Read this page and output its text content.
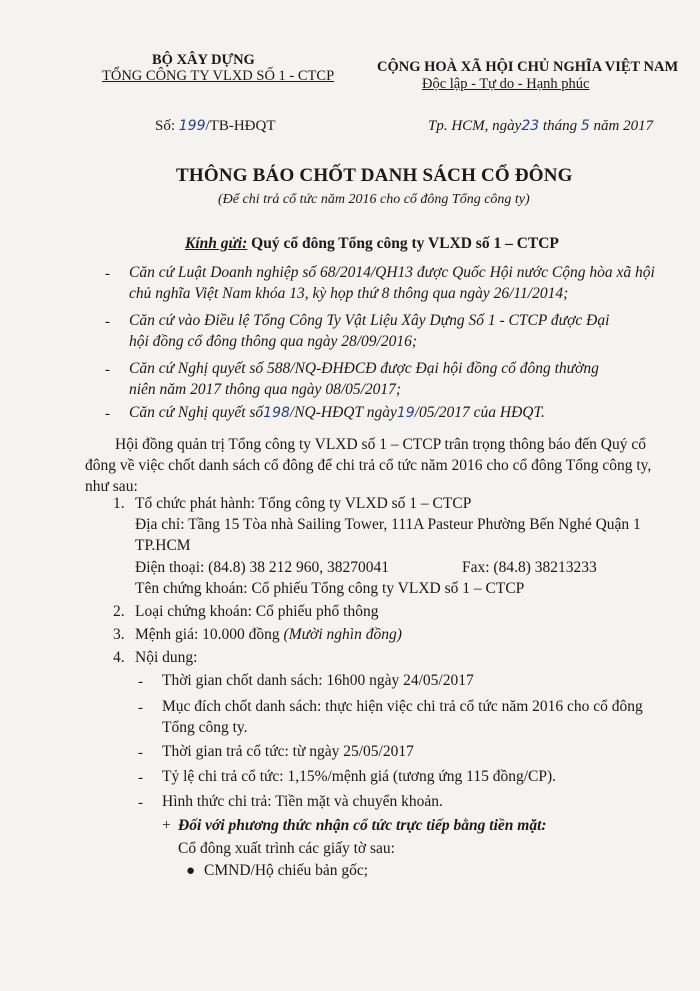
BỘ XÂY DỰNG
TỔNG CÔNG TY VLXD SỐ 1 - CTCP
CỘNG HOÀ XÃ HỘI CHỦ NGHĨA VIỆT NAM
Độc lập - Tự do - Hạnh phúc
Số: 199/TB-HĐQT	Tp. HCM, ngày23 tháng 5 năm 2017
THÔNG BÁO CHỐT DANH SÁCH CỔ ĐÔNG
(Để chi trả cổ tức năm 2016 cho cổ đông Tổng công ty)
Kính gửi: Quý cổ đông Tổng công ty VLXD số 1 – CTCP
- Căn cứ Luật Doanh nghiệp số 68/2014/QH13 được Quốc Hội nước Cộng hòa xã hội
chủ nghĩa Việt Nam khóa 13, kỳ họp thứ 8 thông qua ngày 26/11/2014;
- Căn cứ vào Điều lệ Tổng Công Ty Vật Liệu Xây Dựng Số 1 - CTCP được Đại
hội đồng cổ đông thông qua ngày 28/09/2016;
- Căn cứ Nghị quyết số 588/NQ-ĐHĐCĐ được Đại hội đồng cổ đông thường
niên năm 2017 thông qua ngày 08/05/2017;
- Căn cứ Nghị quyết số198/NQ-HĐQT ngày19/05/2017 của HĐQT.
Hội đồng quản trị Tổng công ty VLXD số 1 – CTCP trân trọng thông báo đến Quý cổ
đông về việc chốt danh sách cổ đông để chi trả cổ tức năm 2016 cho cổ đông Tổng công ty,
như sau:
1. Tổ chức phát hành: Tổng công ty VLXD số 1 – CTCP
Địa chỉ: Tầng 15 Tòa nhà Sailing Tower, 111A Pasteur Phường Bến Nghé Quận 1
TP.HCM
Điện thoại: (84.8) 38 212 960, 38270041	Fax: (84.8) 38213233
Tên chứng khoán: Cổ phiếu Tổng công ty VLXD số 1 – CTCP
2. Loại chứng khoán: Cổ phiếu phổ thông
3. Mệnh giá: 10.000 đồng (Mười nghìn đồng)
4. Nội dung:
- Thời gian chốt danh sách: 16h00 ngày 24/05/2017
- Mục đích chốt danh sách: thực hiện việc chi trả cổ tức năm 2016 cho cổ đông
Tổng công ty.
- Thời gian trả cổ tức: từ ngày 25/05/2017
- Tỷ lệ chi trả cổ tức: 1,15%/mệnh giá (tương ứng 115 đồng/CP).
- Hình thức chi trả: Tiền mặt và chuyển khoản.
+ Đối với phương thức nhận cổ tức trực tiếp bằng tiền mặt:
Cổ đông xuất trình các giấy tờ sau:
● CMND/Hộ chiếu bản gốc;
